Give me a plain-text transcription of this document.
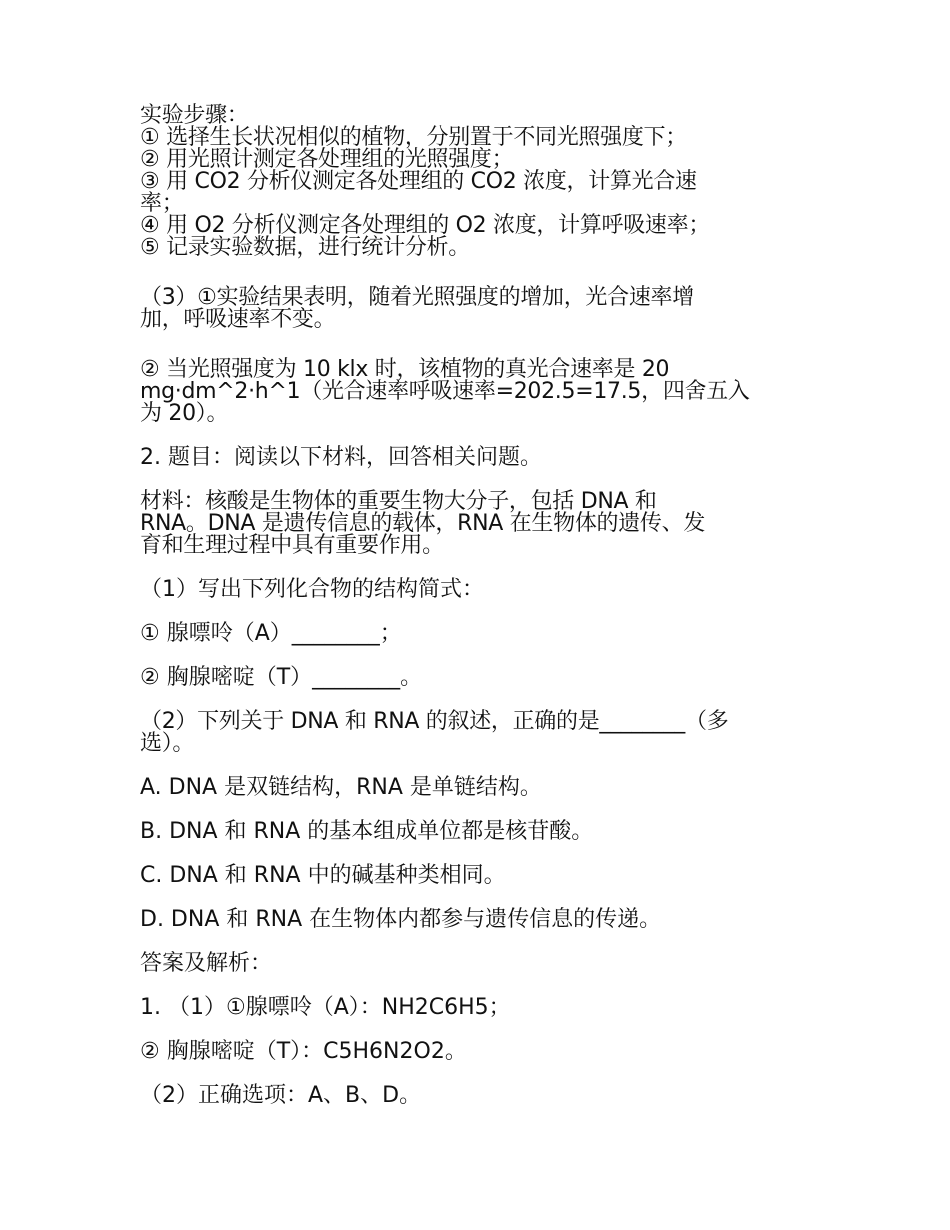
实验步骤：
① 选择生长状况相似的植物，分别置于不同光照强度下；
② 用光照计测定各处理组的光照强度；
③ 用 CO2 分析仪测定各处理组的 CO2 浓度，计算光合速
率；
④ 用 O2 分析仪测定各处理组的 O2 浓度，计算呼吸速率；
⑤ 记录实验数据，进行统计分析。
（3）①实验结果表明，随着光照强度的增加，光合速率增
加，呼吸速率不变。
② 当光照强度为 10 klx 时，该植物的真光合速率是 20
mg·dm^2·h^1（光合速率呼吸速率=202.5=17.5，四舍五入
为 20）。

2. 题目：阅读以下材料，回答相关问题。

材料：核酸是生物体的重要生物大分子，包括 DNA 和
RNA。DNA 是遗传信息的载体，RNA 在生物体的遗传、发
育和生理过程中具有重要作用。

（1）写出下列化合物的结构简式：

① 腺嘌呤（A）________；

② 胸腺嘧啶（T）________。

（2）下列关于 DNA 和 RNA 的叙述，正确的是________（多
选）。

A. DNA 是双链结构，RNA 是单链结构。

B. DNA 和 RNA 的基本组成单位都是核苷酸。

C. DNA 和 RNA 中的碱基种类相同。

D. DNA 和 RNA 在生物体内都参与遗传信息的传递。

答案及解析：

1. （1）①腺嘌呤（A）：NH2C6H5；

② 胸腺嘧啶（T）：C5H6N2O2。

（2）正确选项：A、B、D。
